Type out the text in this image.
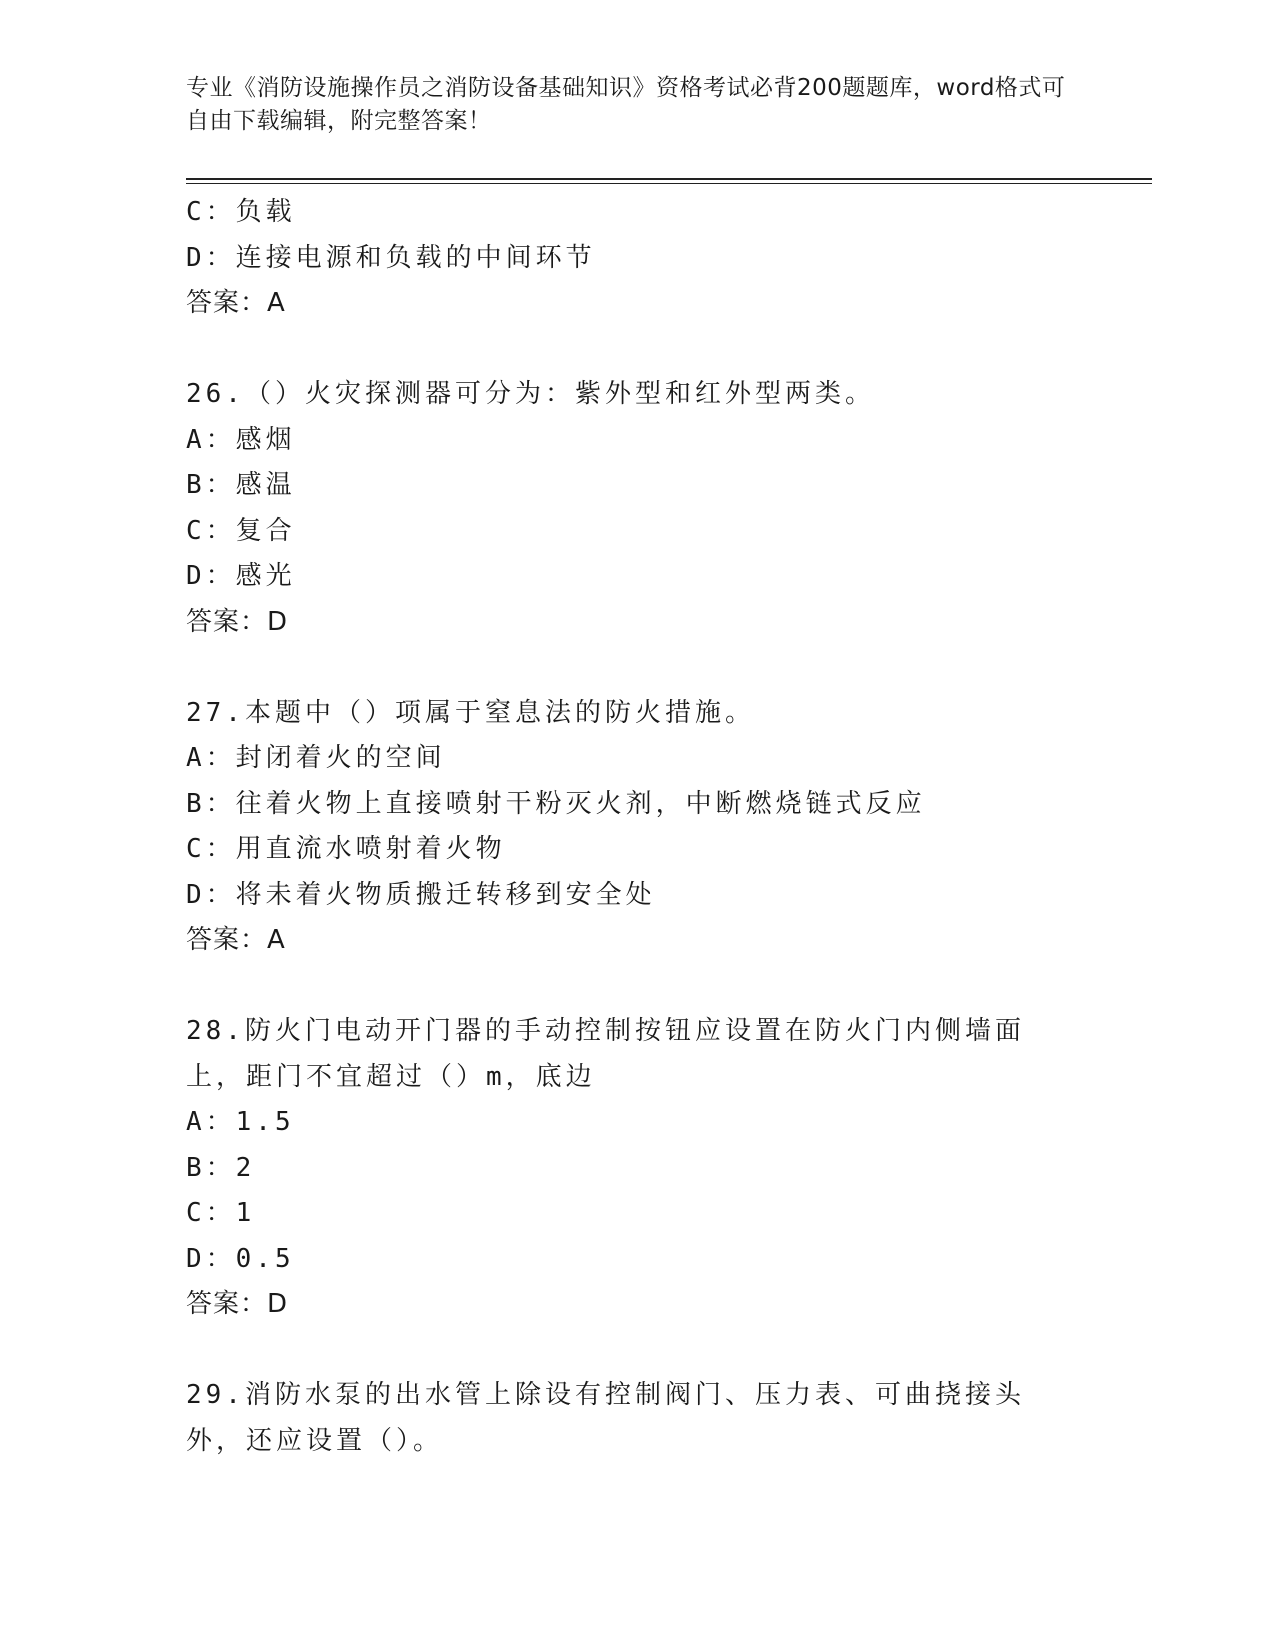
专业《消防设施操作员之消防设备基础知识》资格考试必背200题题库，word格式可自由下载编辑，附完整答案！
C：负载
D：连接电源和负载的中间环节
答案：A
26.（）火灾探测器可分为：紫外型和红外型两类。
A：感烟
B：感温
C：复合
D：感光
答案：D
27.本题中（）项属于窒息法的防火措施。
A：封闭着火的空间
B：往着火物上直接喷射干粉灭火剂，中断燃烧链式反应
C：用直流水喷射着火物
D：将未着火物质搬迁转移到安全处
答案：A
28.防火门电动开门器的手动控制按钮应设置在防火门内侧墙面上，距门不宜超过（）m，底边
A：1.5
B：2
C：1
D：0.5
答案：D
29.消防水泵的出水管上除设有控制阀门、压力表、可曲挠接头外，还应设置（）。
